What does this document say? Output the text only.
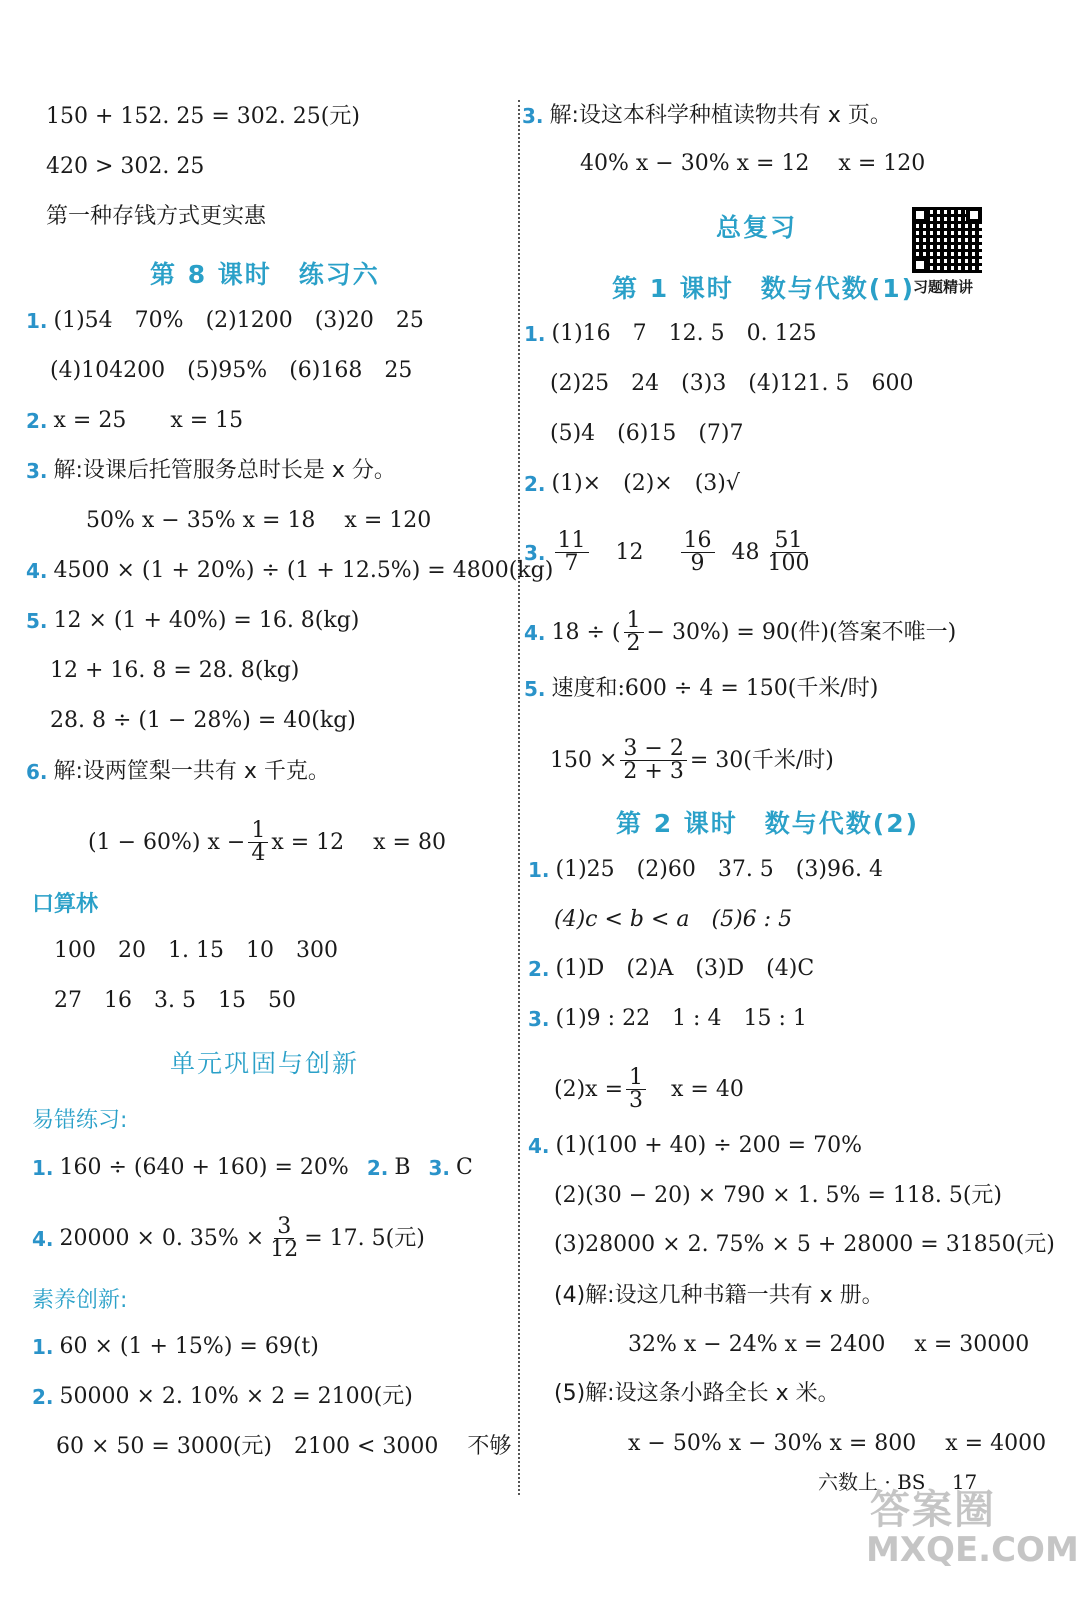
150 + 152. 25 = 302. 25(元)
420 > 302. 25
第一种存钱方式更实惠
第 8 课时　练习六
1. (1)54　70%　(2)1200　(3)20　25
(4)104200　(5)95%　(6)168　25
2. x = 25　　x = 15
3. 解:设课后托管服务总时长是 x 分。
50% x − 35% x = 18　 x = 120
4. 4500 × (1 + 20%) ÷ (1 + 12.5%) = 4800(kg)
5. 12 × (1 + 40%) = 16. 8(kg)
12 + 16. 8 = 28. 8(kg)
28. 8 ÷ (1 − 28%) = 40(kg)
6. 解:设两筐梨一共有 x 千克。
(1 − 60%) $x - \frac{1}{4}$ x = 12　 x = 80
口算林
100　20　1. 15　10　300
27　16　3. 5　15　50
单元巩固与创新
易错练习:
1. 160 ÷ (640 + 160) = 20% 2. B 3. C
4. 20000 × 0. $35\% \times \frac{3}{12} = 17$. 5(元)
素养创新:
1. 60 × (1 + 15%) = 69(t)
2. 50000 × 2. 10% × 2 = 2100(元)
60 × 50 = 3000(元)　2100 < 3000　 不够
3. 解:设这本科学种植读物共有 x 页。
40% x − 30% x = 12　 x = 120
总复习
习题精讲
第 1 课时　数与代数(1)
1. (1)16　7　12. 5　0. 125
(2)25　24　(3)3　(4)121. 5　600
(5)4　(6)15　(7)7
2. (1)×　(2)×　(3)√
3. $\frac{11}{7} 12 \frac{16}{9} 48 \frac{51}{100}$
4. 18 ÷ ( $\frac{1}{2} - 30\%) = 90$(件)(答案不唯一)
5. 速度和:600 ÷ 4 = 150(千米/时)
$150 \times \frac{3 - 2}{2 + 3} = 30$(千米/时)
第 2 课时　数与代数(2)
1. (1)25　(2)60　37. 5　(3)96. 4
(4)c < b < a　(5)6 : 5
2. (1)D　(2)A　(3)D　(4)C
3. (1)9 : 22　1 : 4　15 : 1
$(2)x = \frac{1}{3}$ x = 40
4. (1)(100 + 40) ÷ 200 = 70%
(2)(30 − 20) × 790 × 1. 5% = 118. 5(元)
(3)28000 × 2. 75% × 5 + 28000 = 31850(元)
(4)解:设这几种书籍一共有 x 册。
32% x − 24% x = 2400　 x = 30000
(5)解:设这条小路全长 x 米。
x − 50% x − 30% x = 800　 x = 4000
六数上 · BS　 17
答案圈
MXQE.COM
